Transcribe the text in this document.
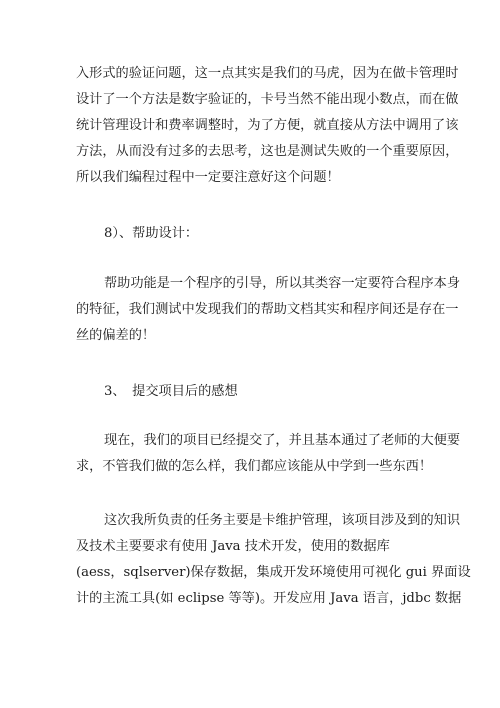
入形式的验证问题，这一点其实是我们的马虎，因为在做卡管理时
设计了一个方法是数字验证的，卡号当然不能出现小数点，而在做
统计管理设计和费率调整时，为了方便，就直接从方法中调用了该
方法，从而没有过多的去思考，这也是测试失败的一个重要原因，
所以我们编程过程中一定要注意好这个问题！
8）、帮助设计：
帮助功能是一个程序的引导，所以其类容一定要符合程序本身
的特征，我们测试中发现我们的帮助文档其实和程序间还是存在一
丝的偏差的！
3、　提交项目后的感想
现在，我们的项目已经提交了，并且基本通过了老师的大便要
求，不管我们做的怎么样，我们都应该能从中学到一些东西！
这次我所负责的任务主要是卡维护管理，该项目涉及到的知识
及技术主要要求有使用 Java 技术开发，使用的数据库
(aess，sqlserver)保存数据，集成开发环境使用可视化 gui 界面设
计的主流工具(如 eclipse 等等)。开发应用 Java 语言，jdbc 数据
